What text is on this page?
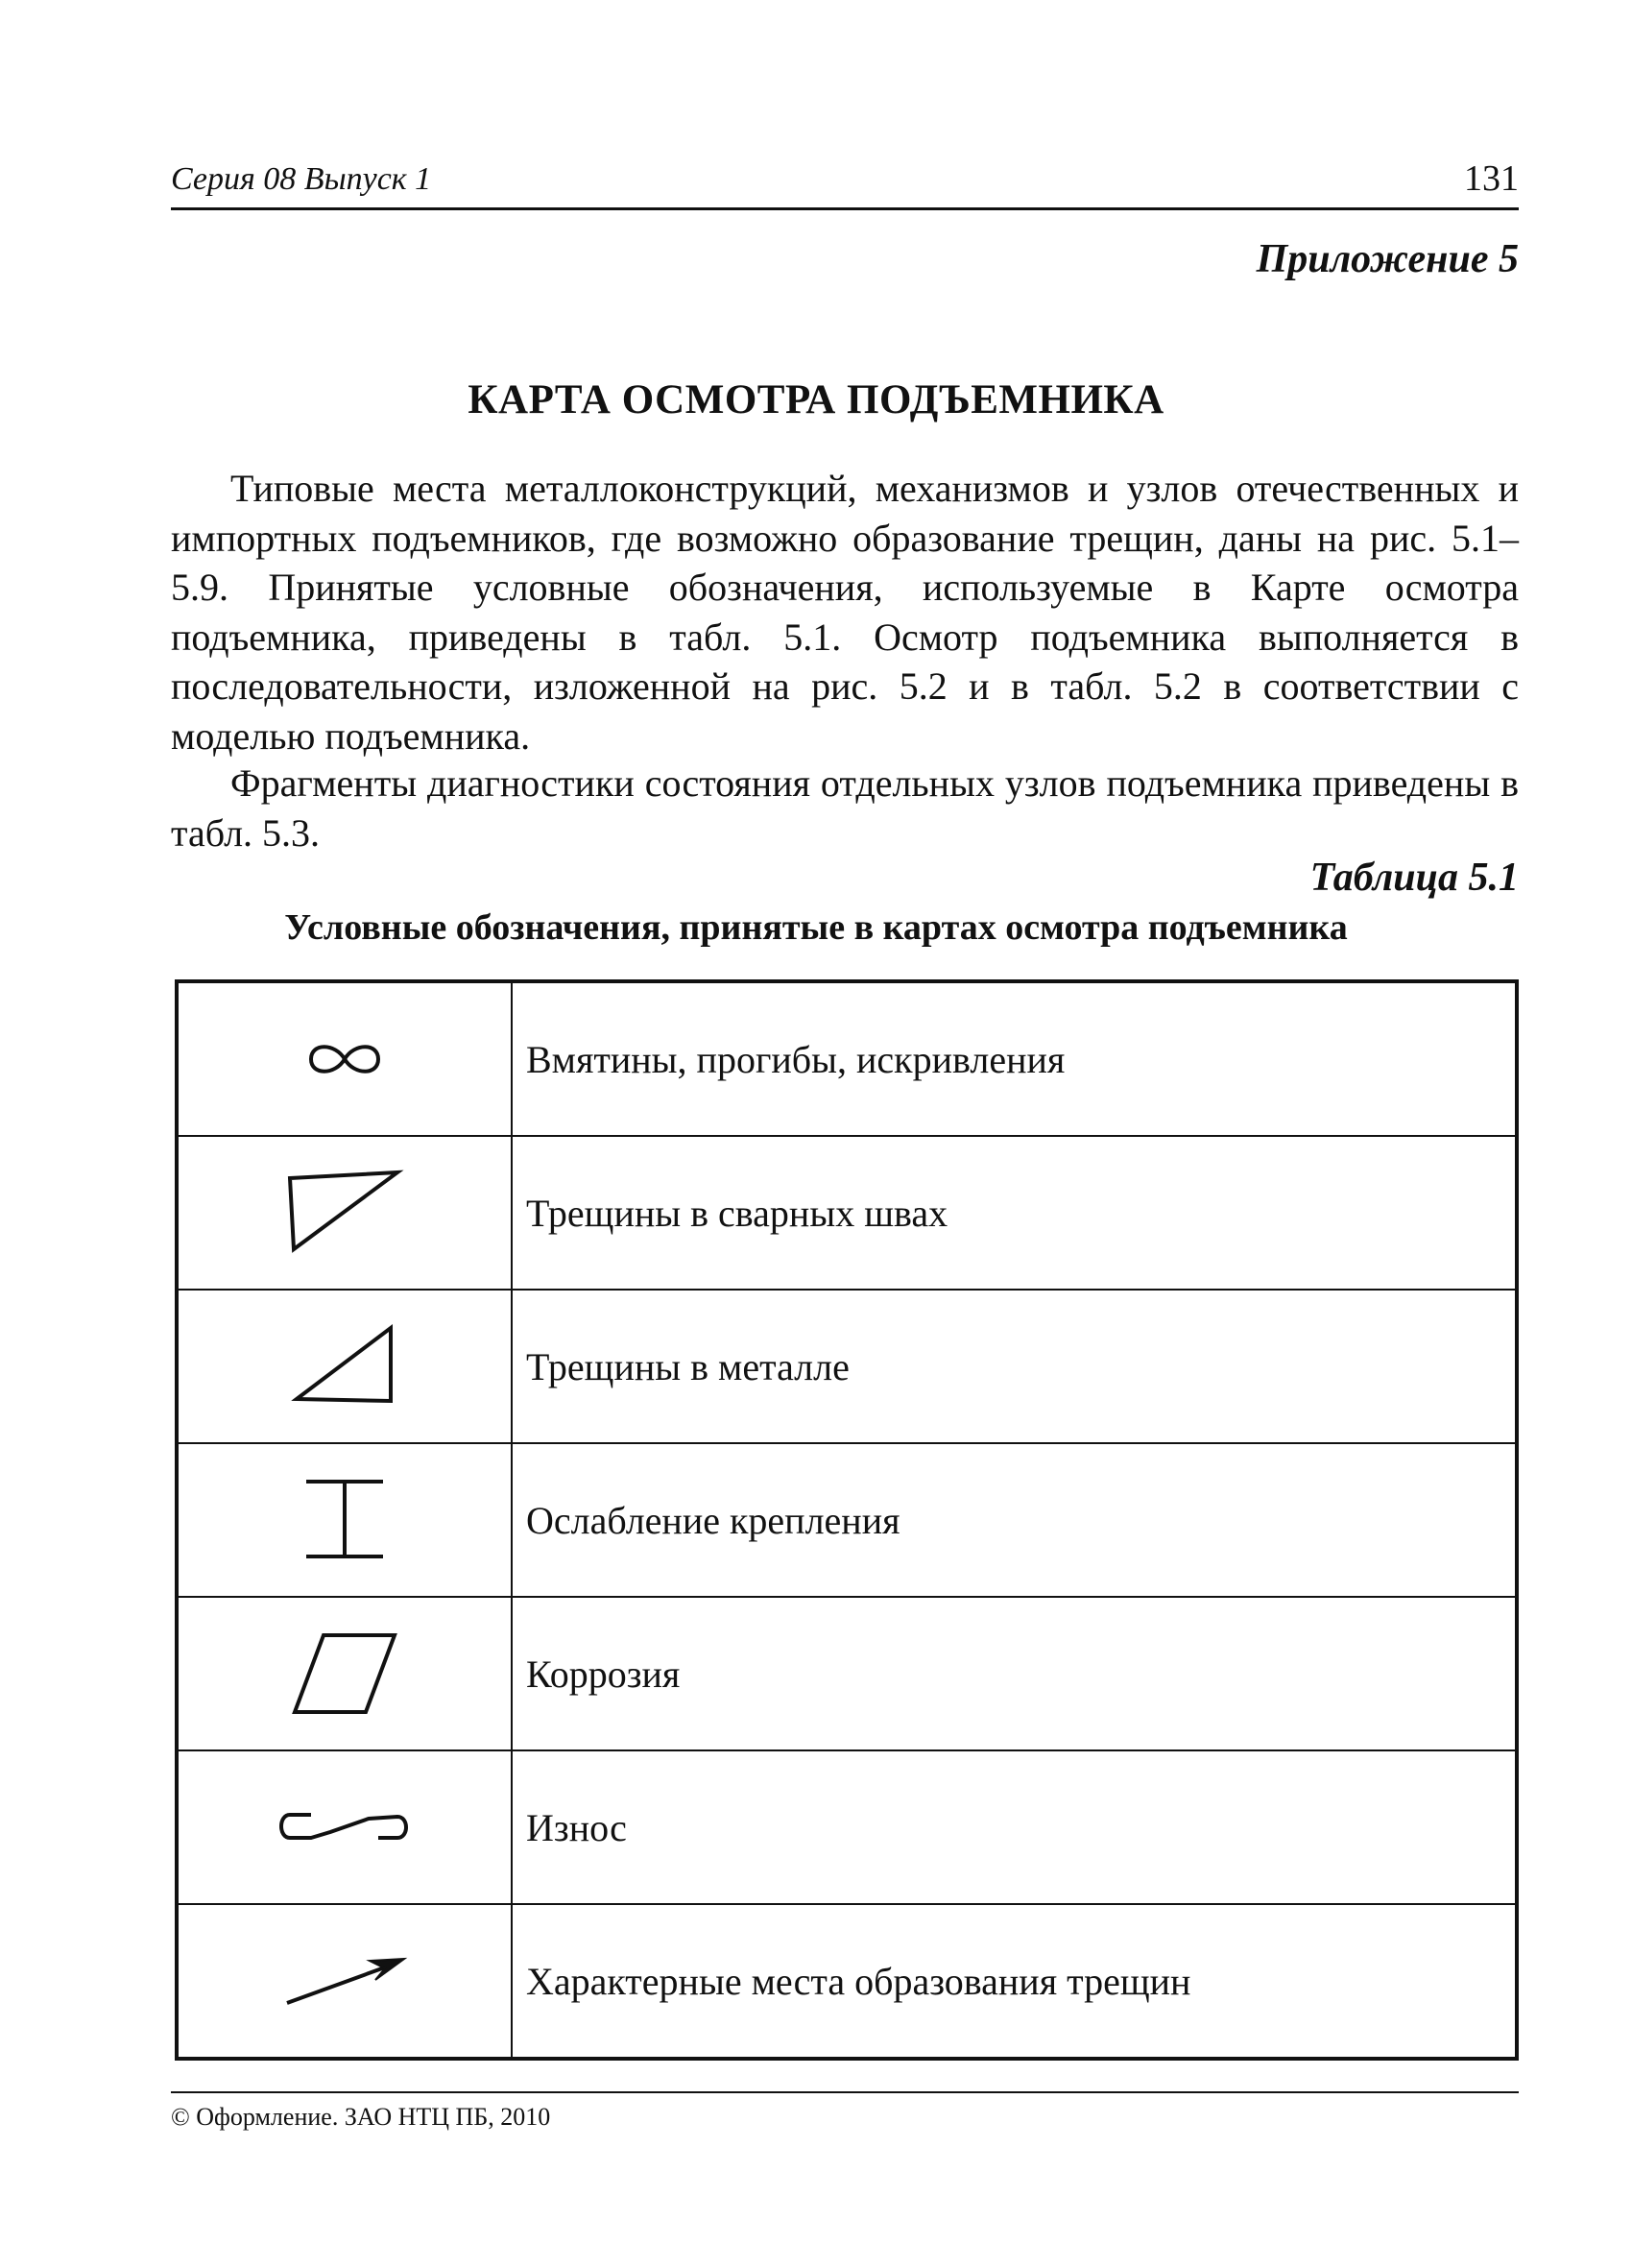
Серия 08 Выпуск 1	131
Приложение 5
КАРТА ОСМОТРА ПОДЪЕМНИКА

Типовые места металлоконструкций, механизмов и узлов отечественных и импортных подъемников, где возможно образование трещин, даны на рис. 5.1–5.9. Принятые условные обозначения, используемые в Карте осмотра подъемника, приведены в табл. 5.1. Осмотр подъемника выполняется в последовательности, изложенной на рис. 5.2 и в табл. 5.2 в соответствии с моделью подъемника.

Фрагменты диагностики состояния отдельных узлов подъемника приведены в табл. 5.3.

Таблица 5.1
Условные обозначения, принятые в картах осмотра подъемника
	Вмятины, прогибы, искривления

	Трещины в сварных швах

	Трещины в металле

	Ослабление крепления

	Коррозия

	Износ

	Характерные места образования трещин
© Оформление. ЗАО НТЦ ПБ, 2010
